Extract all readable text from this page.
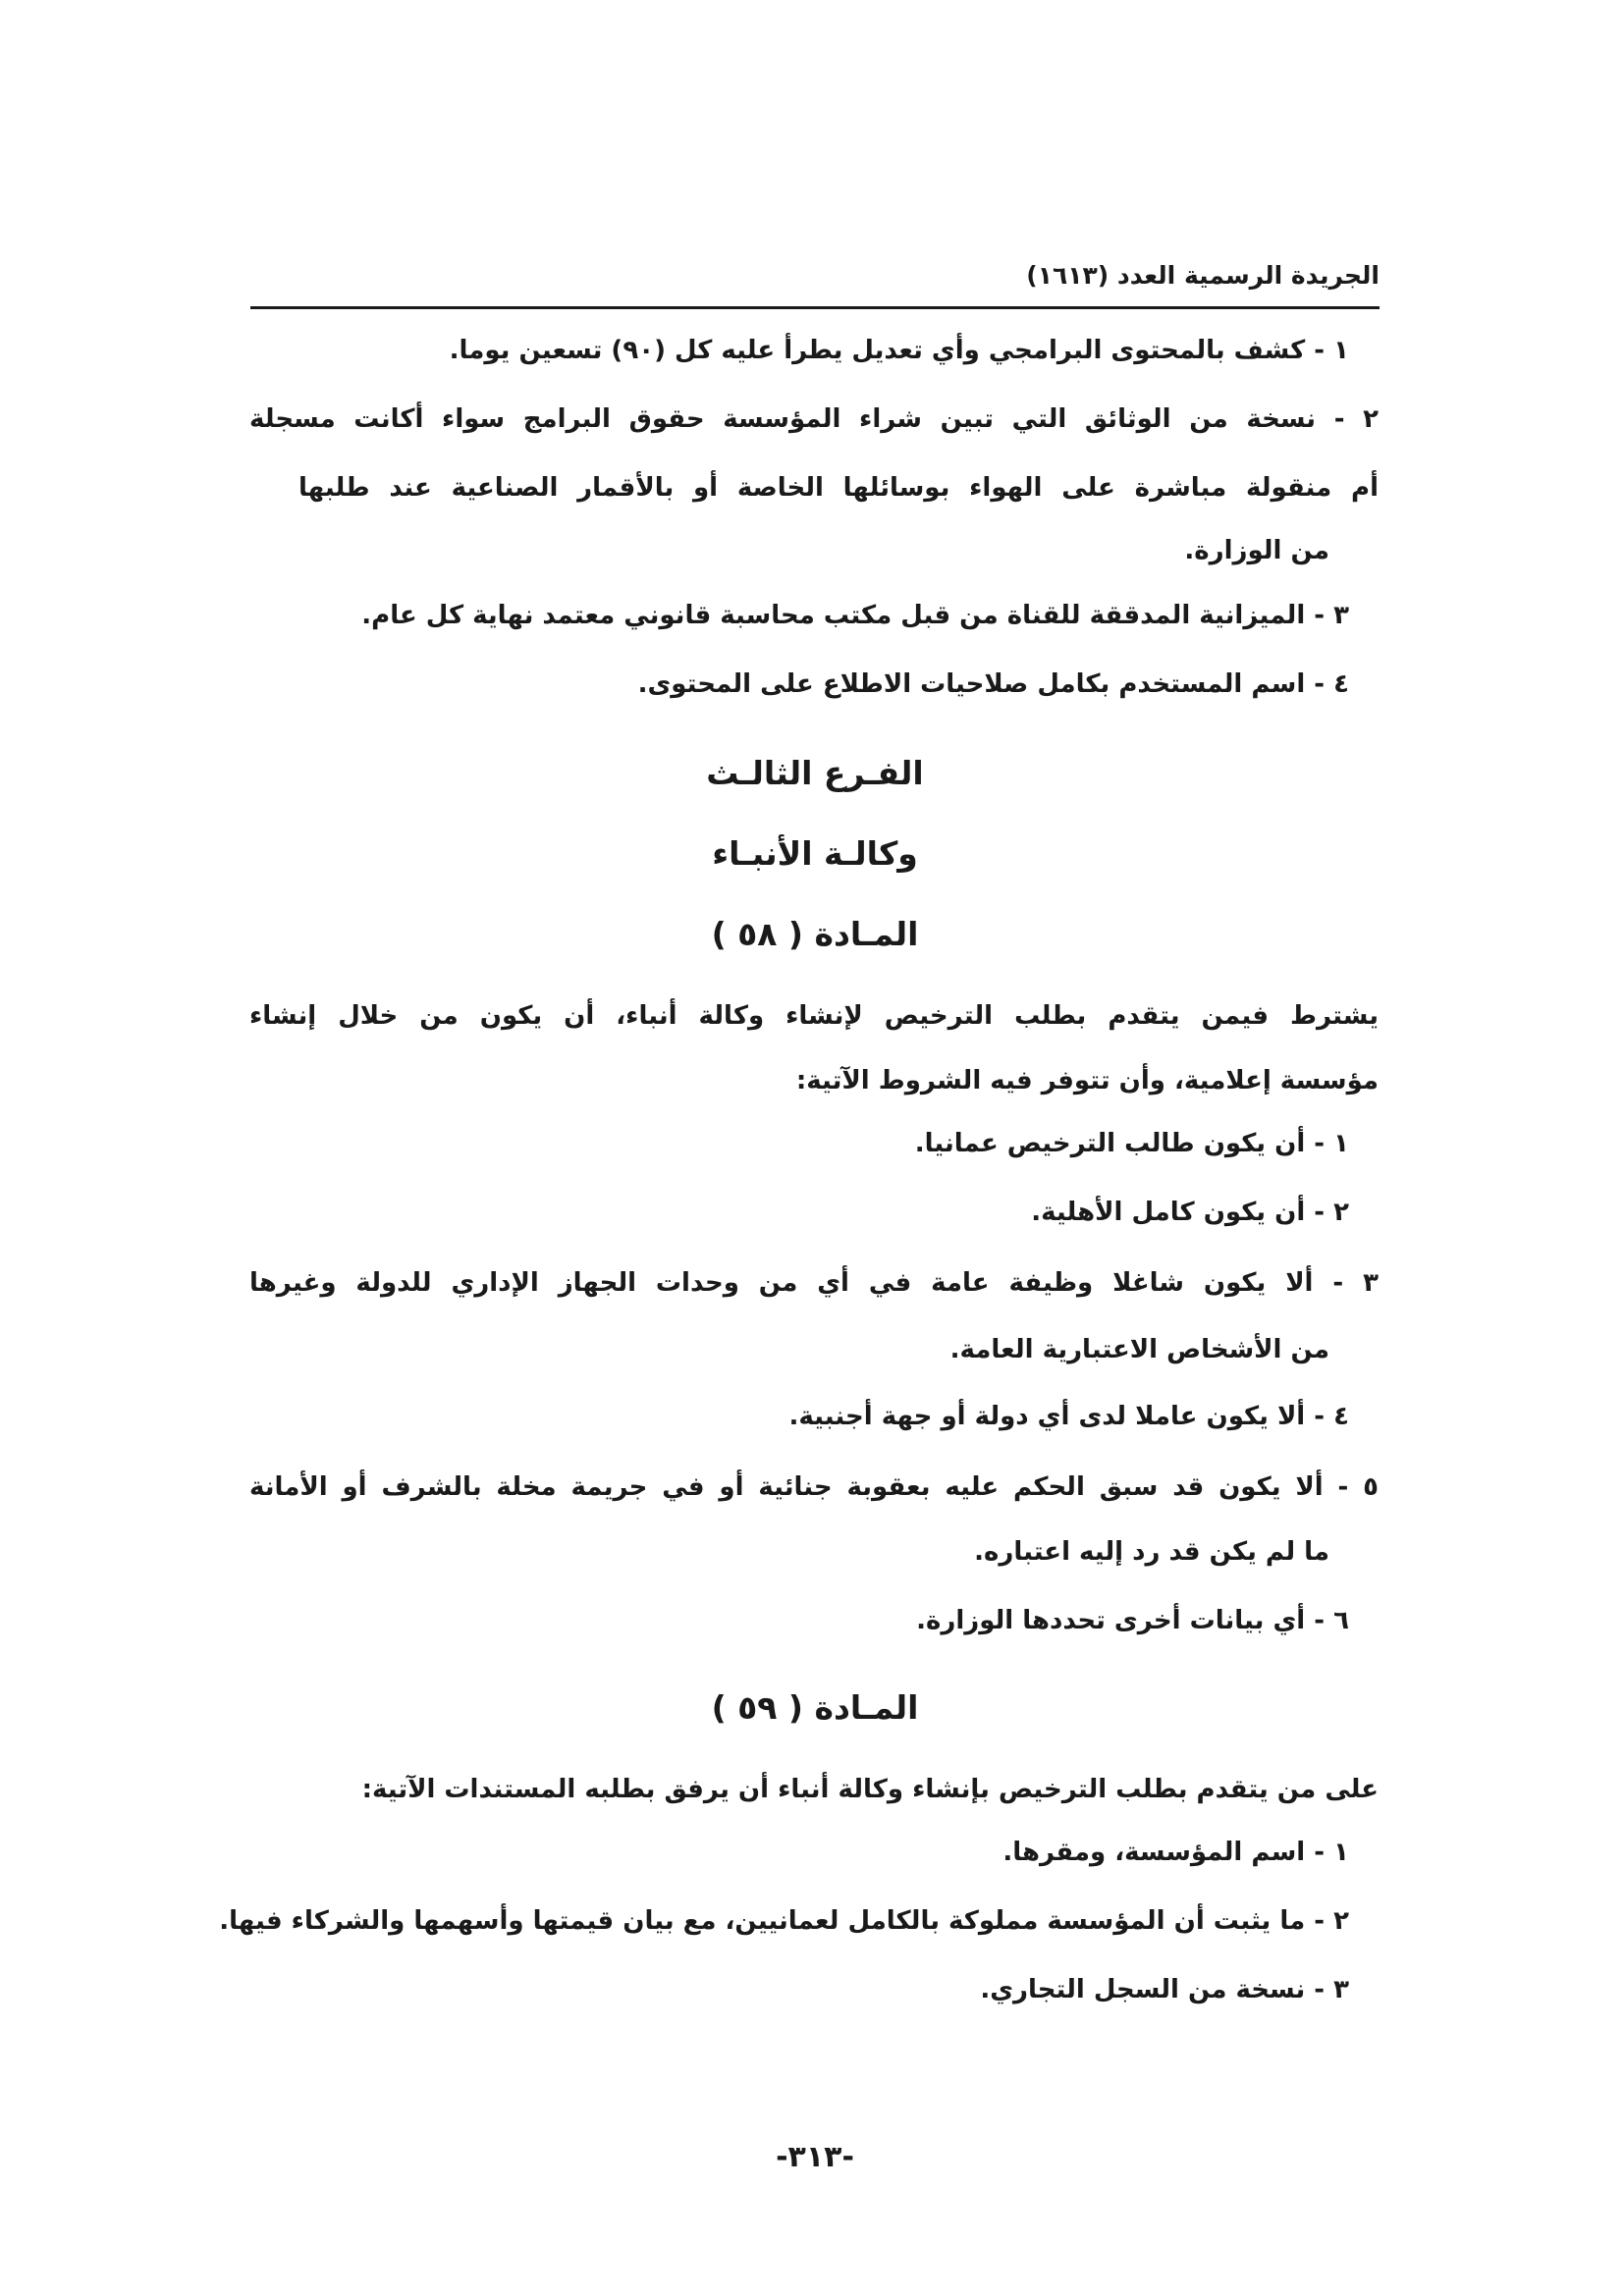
الجريدة الرسمية العدد (١٦١٣)
١ - كشف بالمحتوى البرامجي وأي تعديل يطرأ عليه كل (٩٠) تسعين يوما.
٢ - نسخة من الوثائق التي تبين شراء المؤسسة حقوق البرامج سواء أكانت مسجلة
أم منقولة مباشرة على الهواء بوسائلها الخاصة أو بالأقمار الصناعية عند طلبها
من الوزارة.
٣ - الميزانية المدققة للقناة من قبل مكتب محاسبة قانوني معتمد نهاية كل عام.
٤ - اسم المستخدم بكامل صلاحيات الاطلاع على المحتوى.
الفـرع الثالـث
وكالـة الأنبـاء
المـادة ( ٥٨ )
يشترط فيمن يتقدم بطلب الترخيص لإنشاء وكالة أنباء، أن يكون من خلال إنشاء
مؤسسة إعلامية، وأن تتوفر فيه الشروط الآتية:
١ - أن يكون طالب الترخيص عمانيا.
٢ - أن يكون كامل الأهلية.
٣ - ألا يكون شاغلا وظيفة عامة في أي من وحدات الجهاز الإداري للدولة وغيرها
من الأشخاص الاعتبارية العامة.
٤ - ألا يكون عاملا لدى أي دولة أو جهة أجنبية.
٥ - ألا يكون قد سبق الحكم عليه بعقوبة جنائية أو في جريمة مخلة بالشرف أو الأمانة
ما لم يكن قد رد إليه اعتباره.
٦ - أي بيانات أخرى تحددها الوزارة.
المـادة ( ٥٩ )
على من يتقدم بطلب الترخيص بإنشاء وكالة أنباء أن يرفق بطلبه المستندات الآتية:
١ - اسم المؤسسة، ومقرها.
٢ - ما يثبت أن المؤسسة مملوكة بالكامل لعمانيين، مع بيان قيمتها وأسهمها والشركاء فيها.
٣ - نسخة من السجل التجاري.
-٣١٣-
